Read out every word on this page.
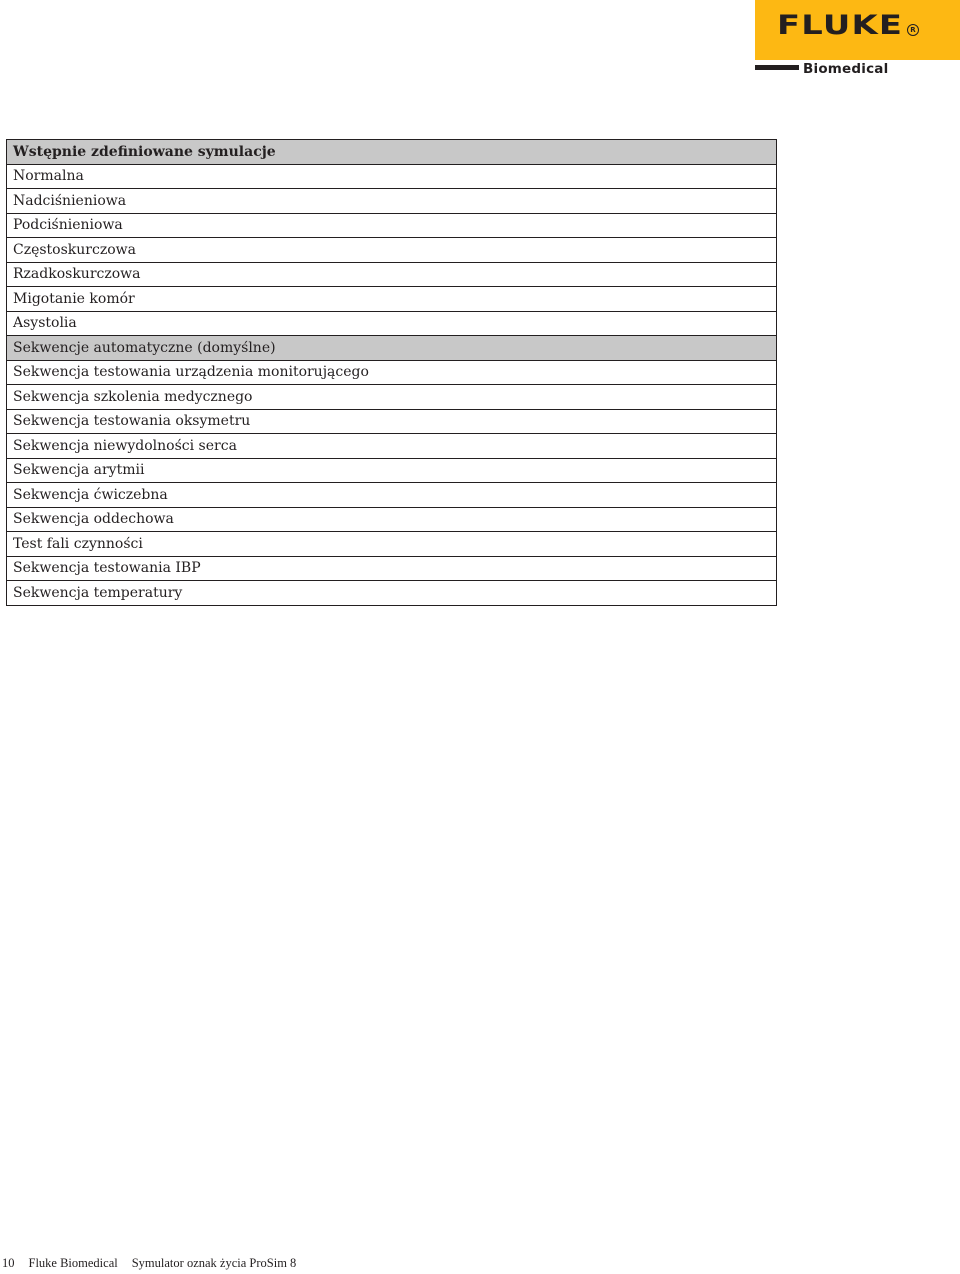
FLUKE	R
Biomedical
Wstępnie zdefiniowane symulacje
Normalna
Nadciśnieniowa
Podciśnieniowa
Częstoskurczowa
Rzadkoskurczowa
Migotanie komór
Asystolia
Sekwencje automatyczne (domyślne)
Sekwencja testowania urządzenia monitorującego
Sekwencja szkolenia medycznego
Sekwencja testowania oksymetru
Sekwencja niewydolności serca
Sekwencja arytmii
Sekwencja ćwiczebna
Sekwencja oddechowa
Test fali czynności
Sekwencja testowania IBP
Sekwencja temperatury
10 Fluke Biomedical Symulator oznak życia ProSim 8
